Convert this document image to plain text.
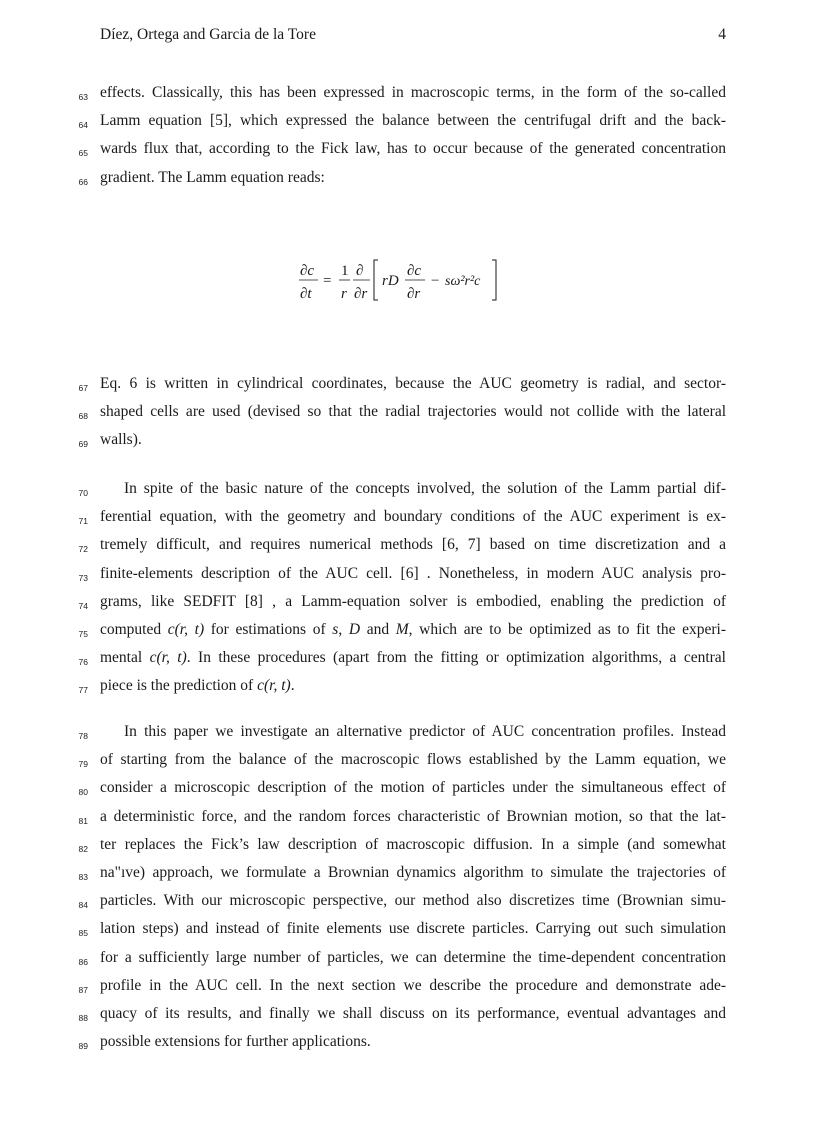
Díez, Ortega and Garcia de la Tore	4
63 effects. Classically, this has been expressed in macroscopic terms, in the form of the so-called
64 Lamm equation [5], which expressed the balance between the centrifugal drift and the back-
65 wards flux that, according to the Fick law, has to occur because of the generated concentration
66 gradient. The Lamm equation reads:
∂c
∂t
=
1
r
∂
∂r
rD
∂c
∂r
− sω²r²c
67 Eq. 6 is written in cylindrical coordinates, because the AUC geometry is radial, and sector-
68 shaped cells are used (devised so that the radial trajectories would not collide with the lateral
69 walls).
70	In spite of the basic nature of the concepts involved, the solution of the Lamm partial dif-
71 ferential equation, with the geometry and boundary conditions of the AUC experiment is ex-
72 tremely difficult, and requires numerical methods [6, 7] based on time discretization and a
73 finite-elements description of the AUC cell. [6] . Nonetheless, in modern AUC analysis pro-
74 grams, like SEDFIT [8] , a Lamm-equation solver is embodied, enabling the prediction of
75 computed c(r, t) for estimations of s, D and M, which are to be optimized as to fit the experi-
76 mental c(r, t). In these procedures (apart from the fitting or optimization algorithms, a central
77 piece is the prediction of c(r, t).
78	In this paper we investigate an alternative predictor of AUC concentration profiles. Instead
79 of starting from the balance of the macroscopic flows established by the Lamm equation, we
80 consider a microscopic description of the motion of particles under the simultaneous effect of
81 a deterministic force, and the random forces characteristic of Brownian motion, so that the lat-
82 ter replaces the Fick’s law description of macroscopic diffusion. In a simple (and somewhat
83 na"ıve) approach, we formulate a Brownian dynamics algorithm to simulate the trajectories of
84 particles. With our microscopic perspective, our method also discretizes time (Brownian simu-
85 lation steps) and instead of finite elements use discrete particles. Carrying out such simulation
86 for a sufficiently large number of particles, we can determine the time-dependent concentration
87 profile in the AUC cell. In the next section we describe the procedure and demonstrate ade-
88 quacy of its results, and finally we shall discuss on its performance, eventual advantages and
89 possible extensions for further applications.
